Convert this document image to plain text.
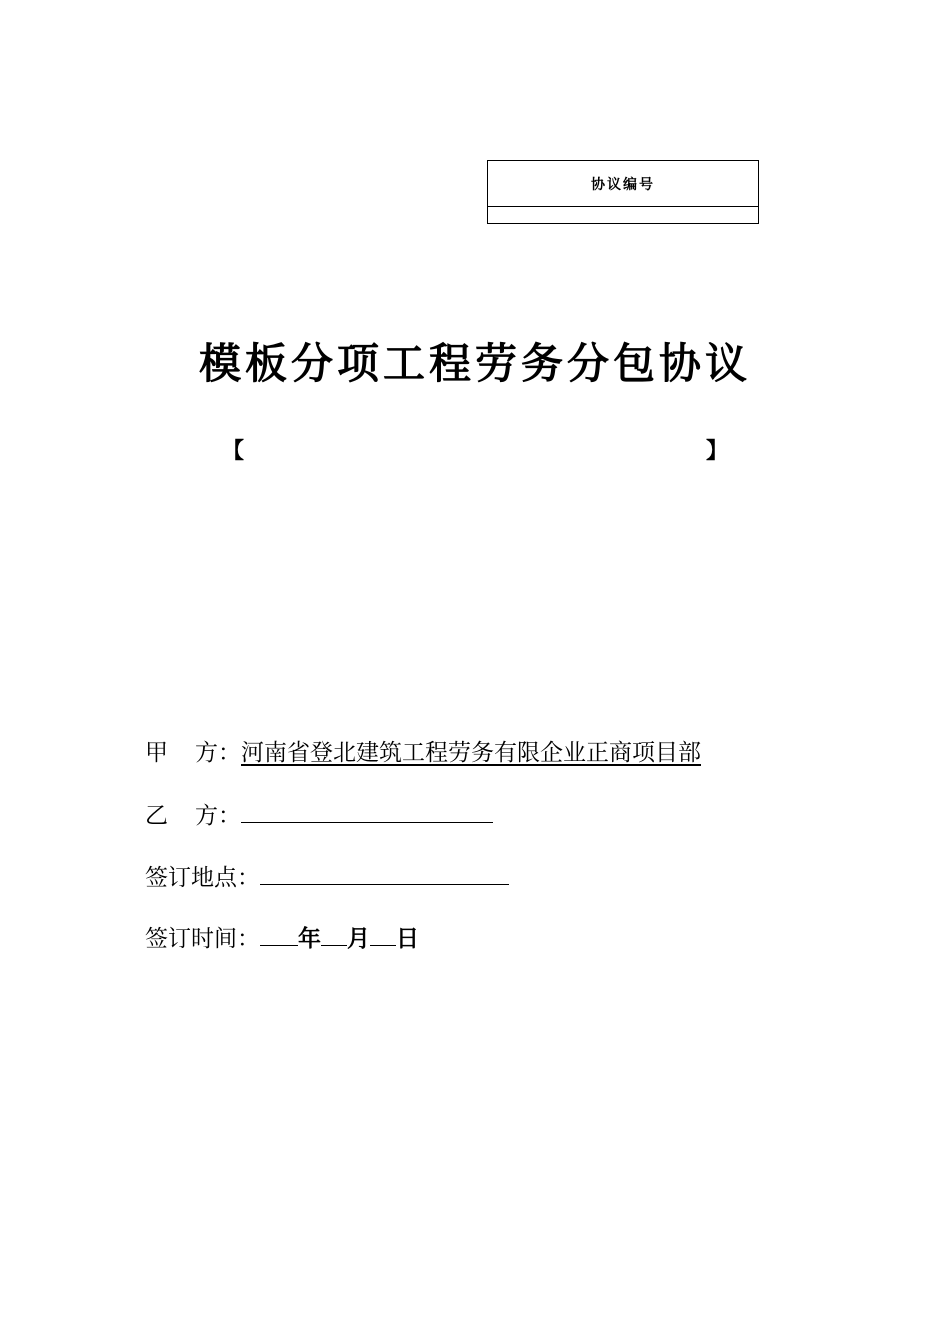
协议编号
模板分项工程劳务分包协议
【	】
甲 方：河南省登北建筑工程劳务有限企业正商项目部
乙 方：
签订地点：
签订时间： 年 月 日
